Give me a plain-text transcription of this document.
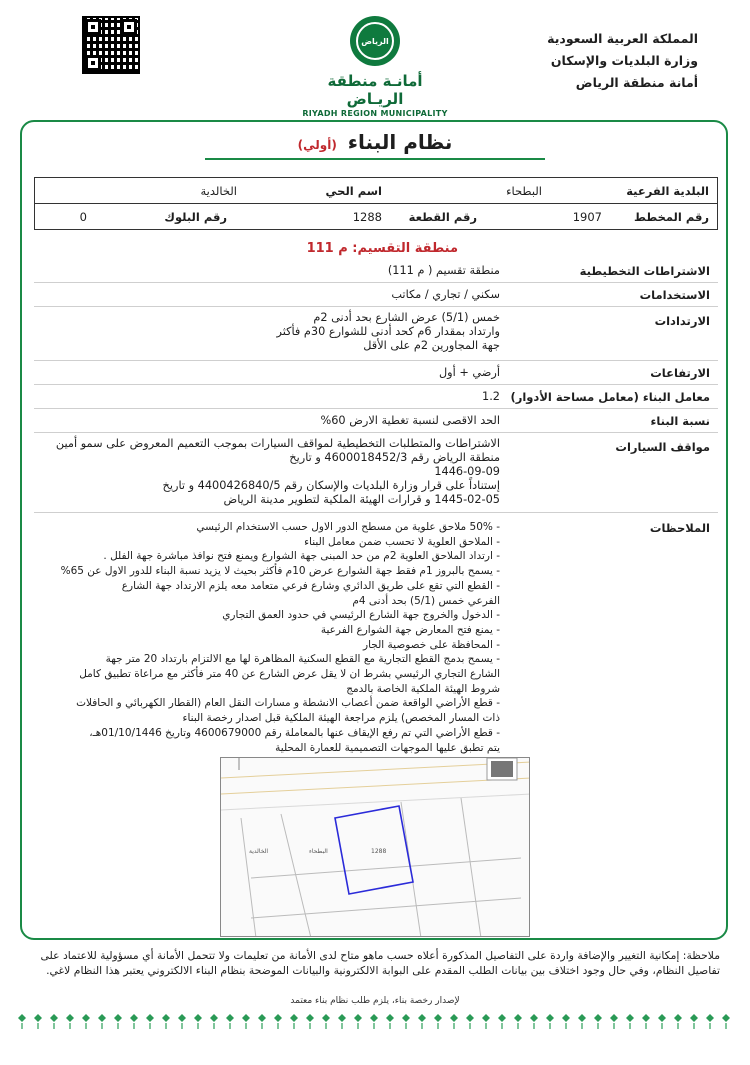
المملكة العربية السعودية
وزارة البلديات والإسكان
أمانة منطقة الرياض
الرياض
أمانـة منطقة الريـاض
RIYADH REGION MUNICIPALITY
نظام البناء (أولي)
البلدية الفرعية
البطحاء
اسم الحي
الخالدية
رقم المخطط
1907
رقم القطعة
1288
رقم البلوك
0
منطقة التقسيم: م 111
الاشتراطات التخطيطية
منطقة تقسيم ( م 111)
الاستخدامات
سكني / تجاري / مكاتب
الارتدادات
خمس (5/1) عرض الشارع بحد أدنى 2م
وارتداد بمقدار 6م كحد أدنى للشوارع 30م فأكثر
جهة المجاورين 2م على الأقل
الارتفاعات
أرضي + أول
معامل البناء (معامل مساحة الأدوار)
1.2
نسبة البناء
الحد الاقصى لنسبة تغطية الارض 60%
مواقف السيارات
الاشتراطات والمتطلبات التخطيطية لمواقف السيارات بموجب التعميم المعروض على سمو أمين
منطقة الرياض رقم 4600018452/3 و تاريخ
1446-09-09
إستناداً على قرار وزارة البلديات والإسكان رقم 4400426840/5 و تاريخ
1445-02-05 و قرارات الهيئة الملكية لتطوير مدينة الرياض
الملاحظات
- 50% ملاحق علوية من مسطح الدور الاول حسب الاستخدام الرئيسي
- الملاحق العلوية لا تحسب ضمن معامل البناء
- ارتداد الملاحق العلوية 2م من حد المبنى جهة الشوارع ويمنع فتح نوافذ مباشرة جهة الفلل .
- يسمح بالبروز 1م فقط جهة الشوارع عرض 10م فأكثر بحيث لا يزيد نسبة البناء للدور الاول عن 65%
- القطع التي تقع على طريق الدائري وشارع فرعي متعامد معه يلزم الارتداد جهة الشارع
الفرعي خمس (5/1) بحد أدنى 4م
- الدخول والخروج جهة الشارع الرئيسي في حدود العمق التجاري
- يمنع فتح المعارض جهة الشوارع الفرعية
- المحافظة على خصوصية الجار
- يسمح بدمج القطع التجارية مع القطع السكنية المظاهرة لها مع الالتزام بارتداد 20 متر جهة
الشارع التجاري الرئيسي بشرط ان لا يقل عرض الشارع عن 40 متر فأكثر مع مراعاة تطبيق كامل
شروط الهيئة الملكية الخاصة بالدمج
- قطع الأراضي الواقعة ضمن أعصاب الانشطة و مسارات النقل العام (القطار الكهربائي و الحافلات
ذات المسار المخصص) يلزم مراجعة الهيئة الملكية قبل اصدار رخصة البناء
- قطع الأراضي التي تم رفع الإيقاف عنها بالمعاملة رقم 4600679000 وتاريخ 01/10/1446هـ،
يتم تطبق عليها الموجهات التصميمية للعمارة المحلية
الخالدية	البطحاء	1288
ملاحظة: إمكانية التغيير والإضافة واردة على التفاصيل المذكورة أعلاه حسب ماهو متاح لدى الأمانة من تعليمات ولا تتحمل الأمانة أي مسؤولية للاعتماد على تفاصيل النظام، وفي حال وجود اختلاف بين بيانات الطلب المقدم على البوابة الالكترونية والبيانات الموضحة بنظام البناء الالكتروني يعتبر هذا النظام لاغي.
لإصدار رخصة بناء، يلزم طلب نظام بناء معتمد
